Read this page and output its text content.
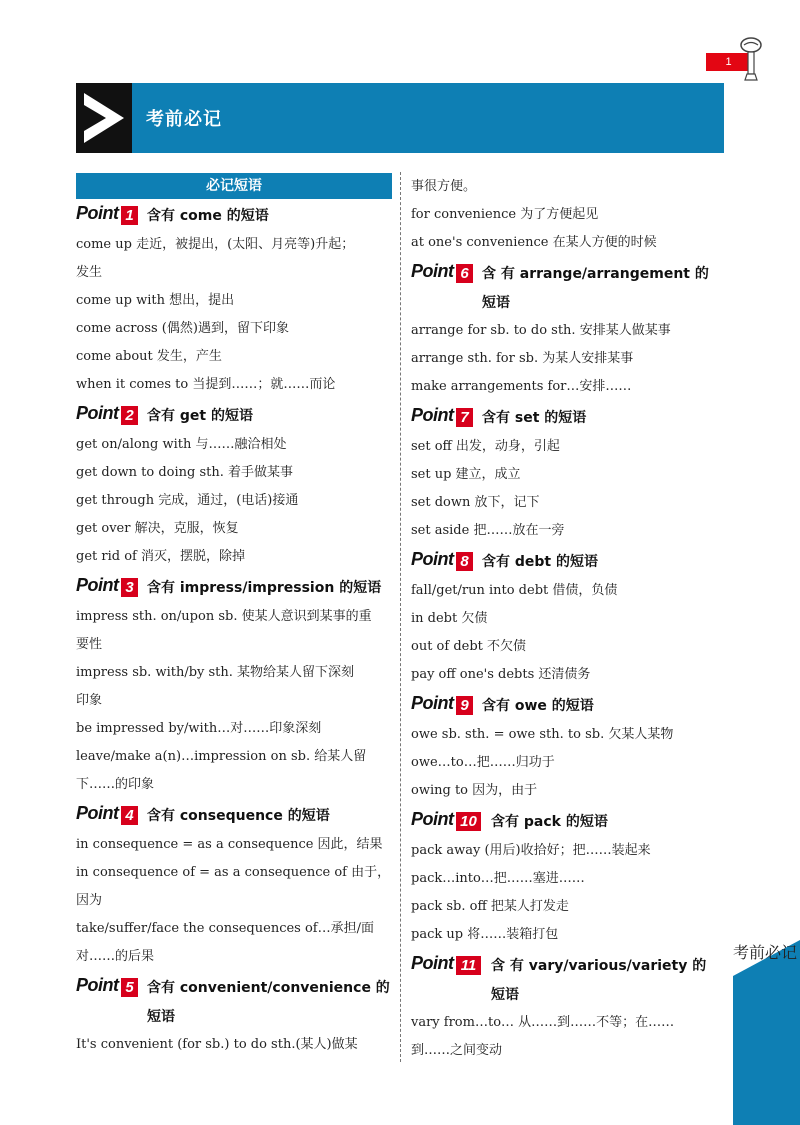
1
考前必记
考前必记
必记短语
Point 1 含有 come 的短语
come up 走近，被提出，(太阳、月亮等)升起；
发生
come up with 想出，提出
come across (偶然)遇到，留下印象
come about 发生，产生
when it comes to 当提到……；就……而论
Point 2 含有 get 的短语
get on/along with 与……融洽相处
get down to doing sth. 着手做某事
get through 完成，通过，(电话)接通
get over 解决，克服，恢复
get rid of 消灭，摆脱，除掉
Point 3 含有 impress/impression 的短语
impress sth. on/upon sb. 使某人意识到某事的重
要性
impress sb. with/by sth. 某物给某人留下深刻
印象
be impressed by/with…对……印象深刻
leave/make a(n)…impression on sb. 给某人留
下……的印象
Point 4 含有 consequence 的短语
in consequence = as a consequence 因此，结果
in consequence of = as a consequence of 由于，
因为
take/suffer/face the consequences of…承担/面
对……的后果
Point 5 含有 convenient/convenience 的
短语
It's convenient (for sb.) to do sth.(某人)做某
事很方便。
for convenience 为了方便起见
at one's convenience 在某人方便的时候
Point 6 含 有 arrange/arrangement 的
短语
arrange for sb. to do sth. 安排某人做某事
arrange sth. for sb. 为某人安排某事
make arrangements for…安排……
Point 7 含有 set 的短语
set off 出发，动身，引起
set up 建立，成立
set down 放下，记下
set aside 把……放在一旁
Point 8 含有 debt 的短语
fall/get/run into debt 借债，负债
in debt 欠债
out of debt 不欠债
pay off one's debts 还清债务
Point 9 含有 owe 的短语
owe sb. sth. = owe sth. to sb. 欠某人某物
owe…to…把……归功于
owing to 因为，由于
Point 10 含有 pack 的短语
pack away (用后)收拾好；把……装起来
pack…into…把……塞进……
pack sb. off 把某人打发走
pack up 将……装箱打包
Point 11	含 有 vary/various/variety 的
短语
vary from…to… 从……到……不等；在……
到……之间变动
